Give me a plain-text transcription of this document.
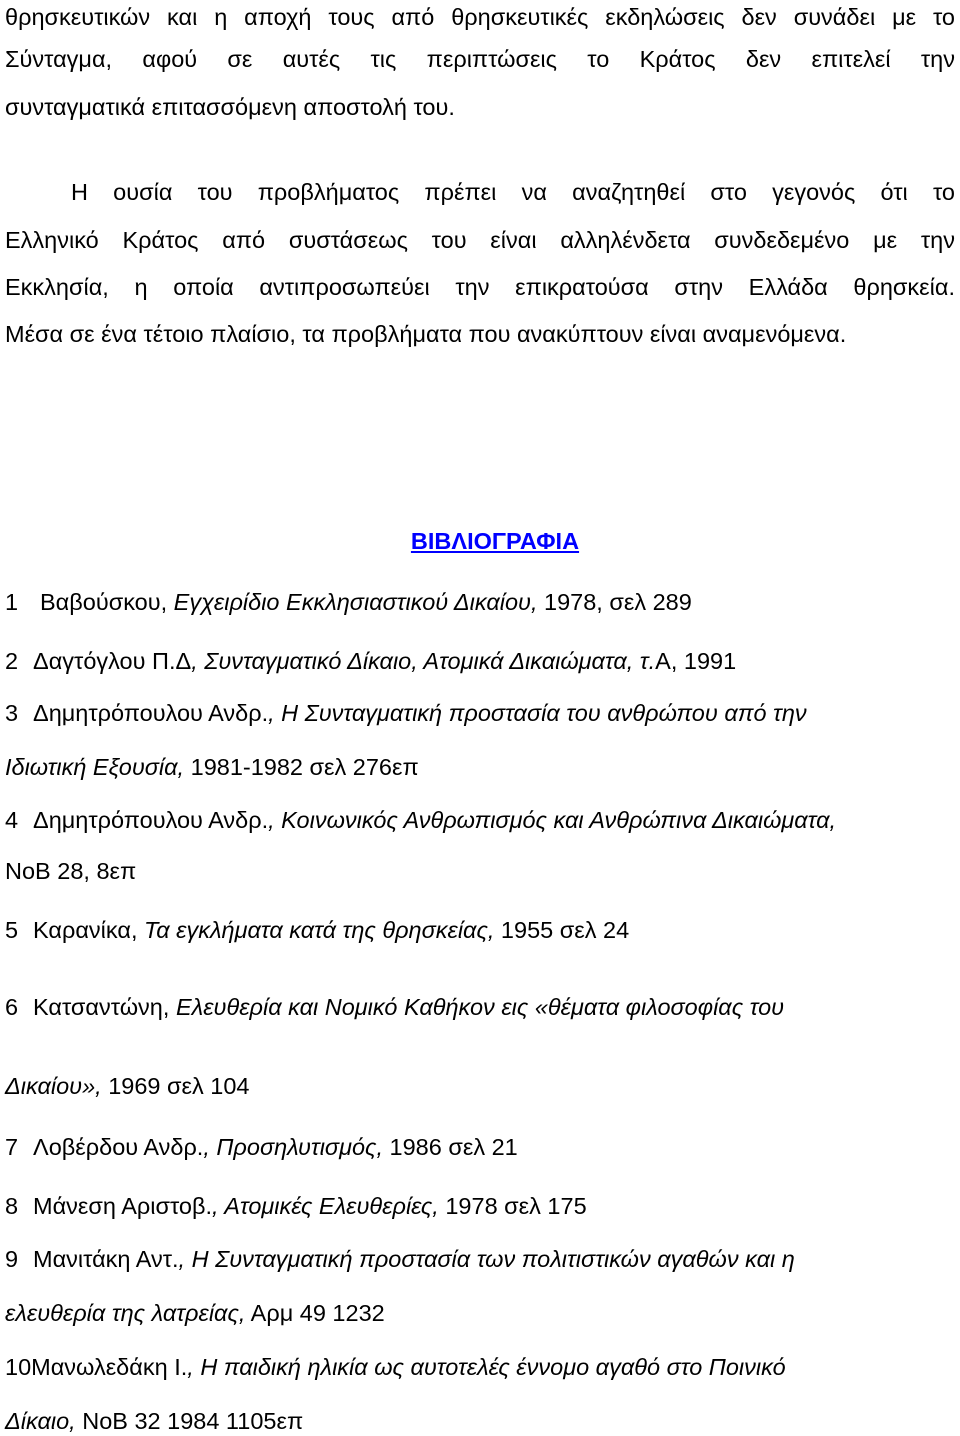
θρησκευτικών και η αποχή τους από θρησκευτικές εκδηλώσεις δεν συνάδει με το
Σύνταγμα, αφού σε αυτές τις περιπτώσεις το Κράτος δεν επιτελεί την
συνταγματικά επιτασσόμενη αποστολή του.
Η ουσία του προβλήματος πρέπει να αναζητηθεί στο γεγονός ότι το
Ελληνικό Κράτος από συστάσεως του είναι αλληλένδετα συνδεδεμένο με την
Εκκλησία, η οποία αντιπροσωπεύει την επικρατούσα στην Ελλάδα θρησκεία.
Μέσα σε ένα τέτοιο πλαίσιο, τα προβλήματα που ανακύπτουν είναι αναμενόμενα.
ΒΙΒΛΙΟΓΡΑΦΙΑ
1 Βαβούσκου, Εγχειρίδιο Εκκλησιαστικού Δικαίου, 1978, σελ 289
2 Δαγτόγλου Π.Δ, Συνταγματικό Δίκαιο, Ατομικά Δικαιώματα, τ.Α, 1991
3 Δημητρόπουλου Ανδρ., Η Συνταγματική προστασία του ανθρώπου από την
Ιδιωτική Εξουσία, 1981-1982 σελ 276επ
4 Δημητρόπουλου Ανδρ., Κοινωνικός Ανθρωπισμός και Ανθρώπινα Δικαιώματα,
ΝοΒ 28, 8επ
5 Καρανίκα, Τα εγκλήματα κατά της θρησκείας, 1955 σελ 24
6 Κατσαντώνη, Ελευθερία και Νομικό Καθήκον εις «θέματα φιλοσοφίας του
Δικαίου», 1969 σελ 104
7 Λοβέρδου Ανδρ., Προσηλυτισμός, 1986 σελ 21
8 Μάνεση Αριστοβ., Ατομικές Ελευθερίες, 1978 σελ 175
9 Μανιτάκη Αντ., Η Συνταγματική προστασία των πολιτιστικών αγαθών και η
ελευθερία της λατρείας, Αρμ 49 1232
10Μανωλεδάκη Ι., Η παιδική ηλικία ως αυτοτελές έννομο αγαθό στο Ποινικό
Δίκαιο, ΝοΒ 32 1984 1105επ
